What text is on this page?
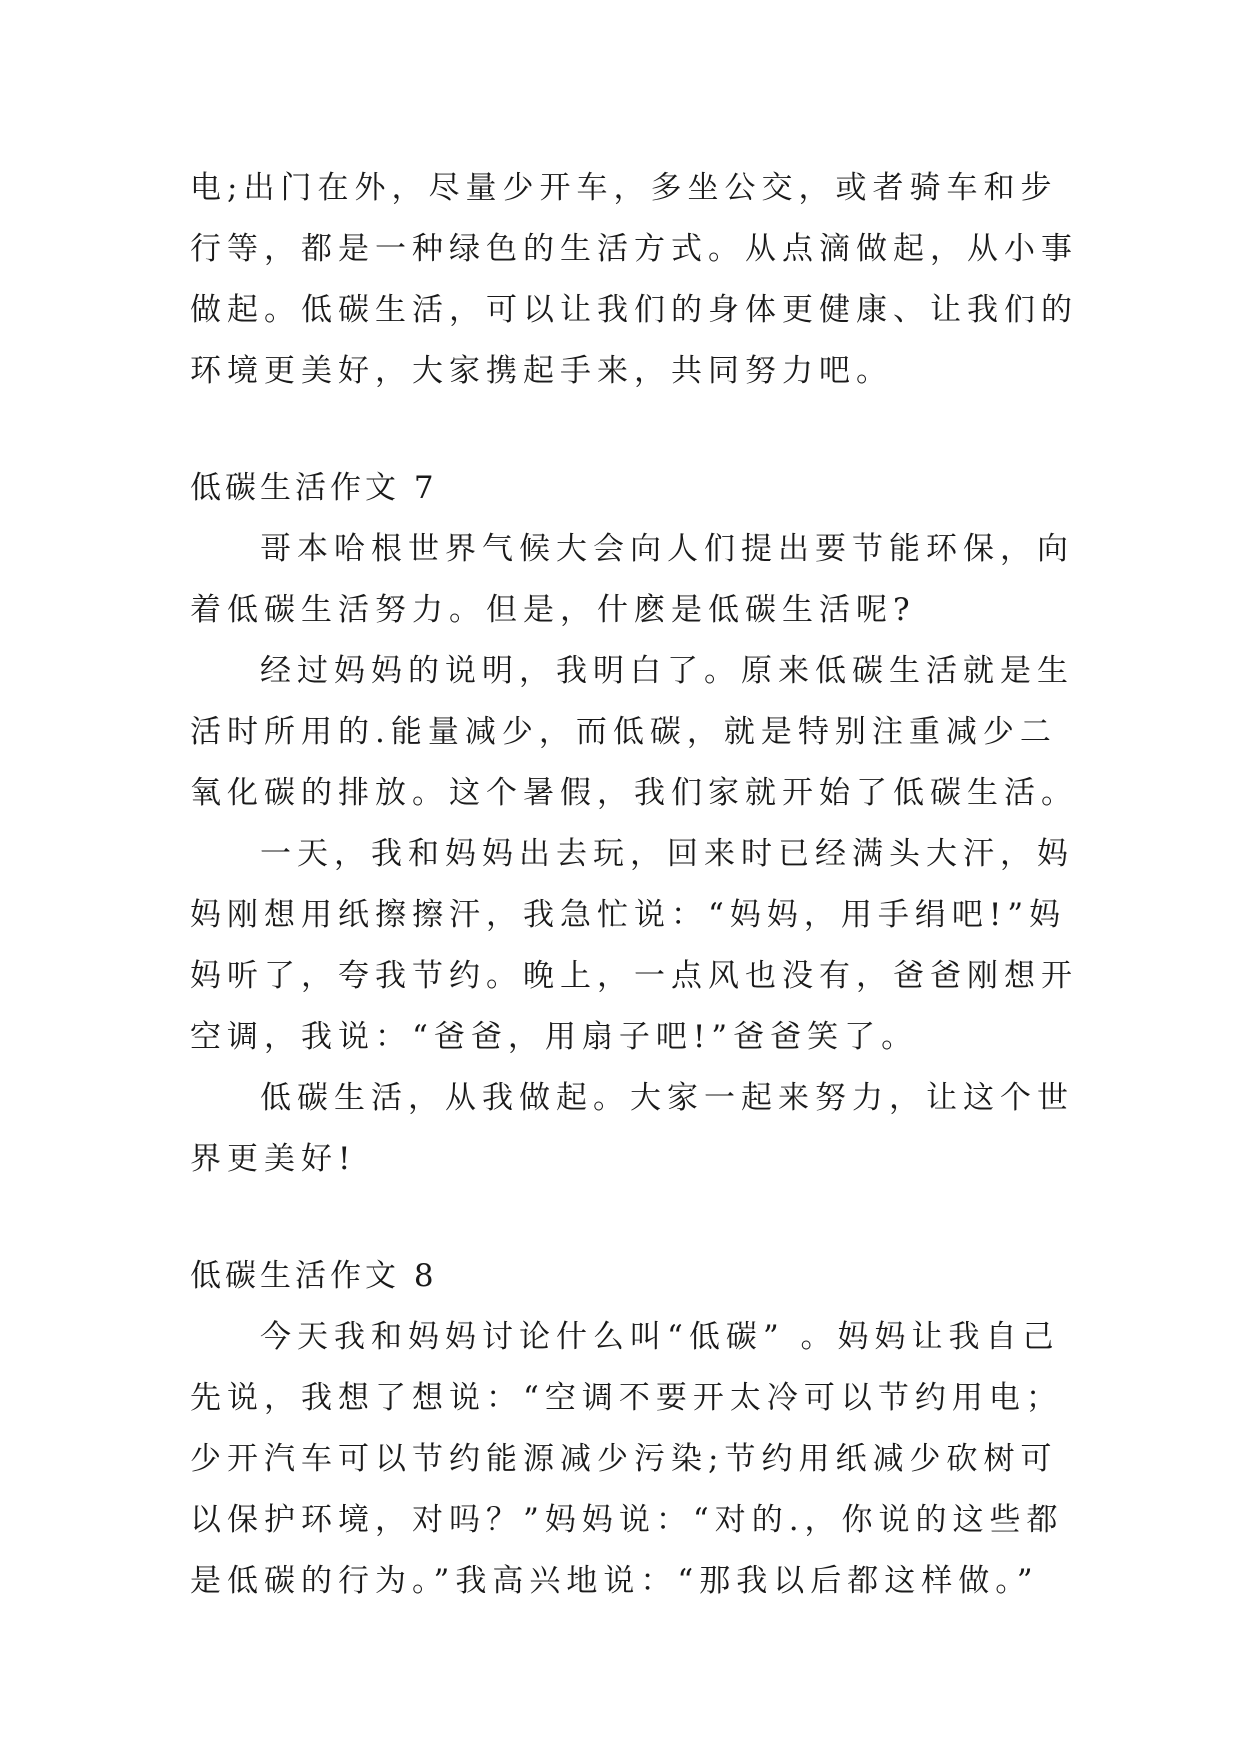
电;出门在外，尽量少开车，多坐公交，或者骑车和步行等，都是一种绿色的生活方式。从点滴做起，从小事做起。低碳生活，可以让我们的身体更健康、让我们的环境更美好，大家携起手来，共同努力吧。

低碳生活作文 7

哥本哈根世界气候大会向人们提出要节能环保，向着低碳生活努力。但是，什麽是低碳生活呢?

经过妈妈的说明，我明白了。原来低碳生活就是生活时所用的.能量减少，而低碳，就是特别注重减少二氧化碳的排放。这个暑假，我们家就开始了低碳生活。

一天，我和妈妈出去玩，回来时已经满头大汗，妈妈刚想用纸擦擦汗，我急忙说：“妈妈，用手绢吧!”妈妈听了，夸我节约。晚上，一点风也没有，爸爸刚想开空调，我说：“爸爸，用扇子吧!”爸爸笑了。

低碳生活，从我做起。大家一起来努力，让这个世界更美好!

低碳生活作文 8

今天我和妈妈讨论什么叫“低碳” 。妈妈让我自己先说，我想了想说：“空调不要开太冷可以节约用电；少开汽车可以节约能源减少污染;节约用纸减少砍树可以保护环境，对吗？”妈妈说：“对的.，你说的这些都是低碳的行为。”我高兴地说：“那我以后都这样做。”
